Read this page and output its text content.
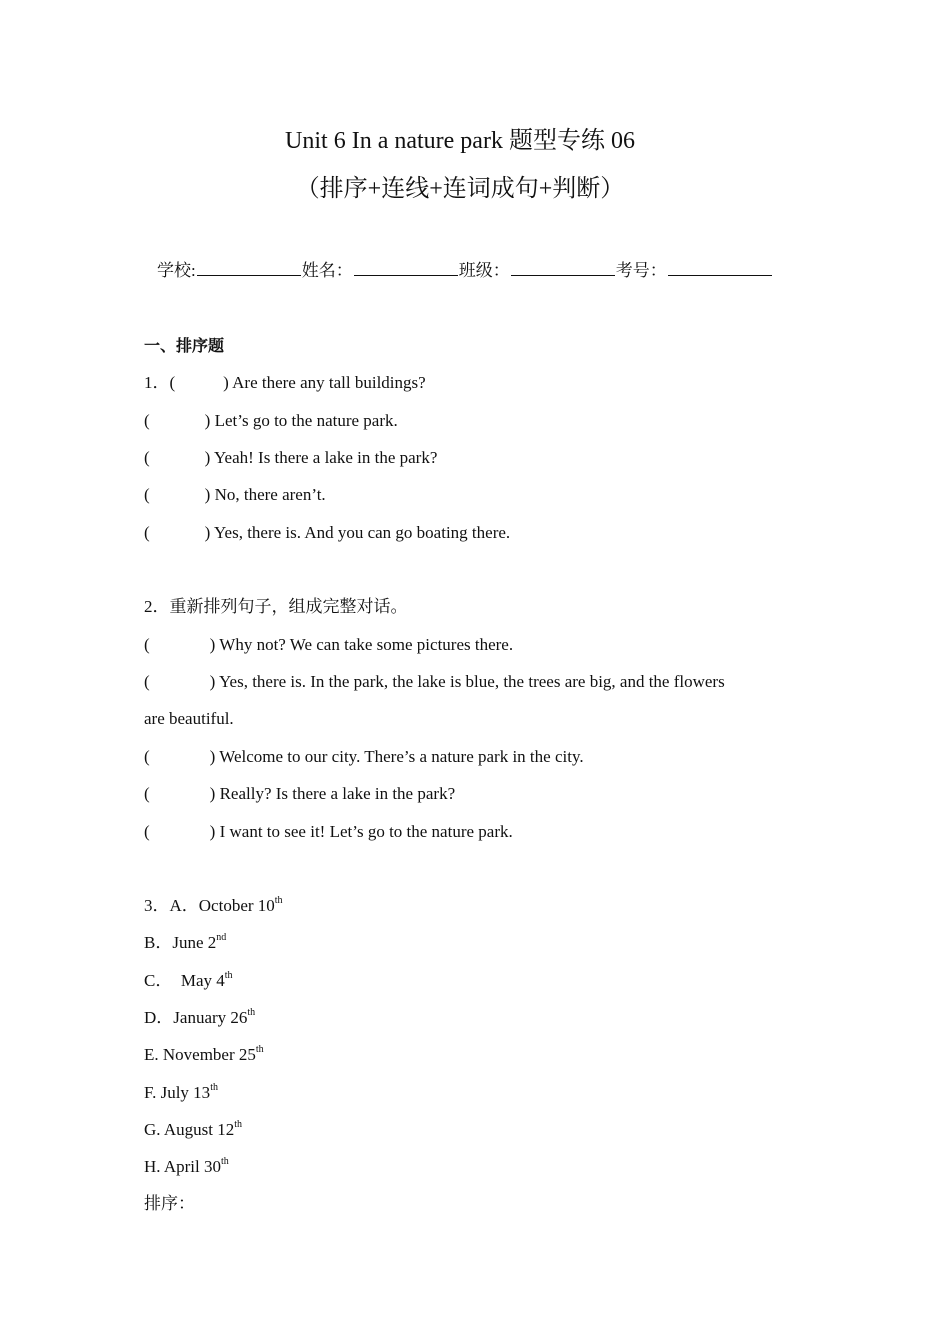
Unit 6 In a nature park 题型专练 06
（排序+连线+连词成句+判断）
学校:	姓名：	班级：	考号：
一、排序题
1．(	) Are there any tall buildings?
(	) Let’s go to the nature park.
(	) Yeah! Is there a lake in the park?
(	) No, there aren’t.
(	) Yes, there is. And you can go boating there.
2．重新排列句子，组成完整对话。
(	) Why not? We can take some pictures there.
(	) Yes, there is. In the park, the lake is blue, the trees are big, and the flowers
are beautiful.
(	) Welcome to our city. There’s a nature park in the city.
(	) Really? Is there a lake in the park?
(	) I want to see it! Let’s go to the nature park.
3．A．October 10th
B．June 2nd
C．  May 4th
D．January 26th
E. November 25th
F. July 13th
G. August 12th
H. April 30th
排序：
